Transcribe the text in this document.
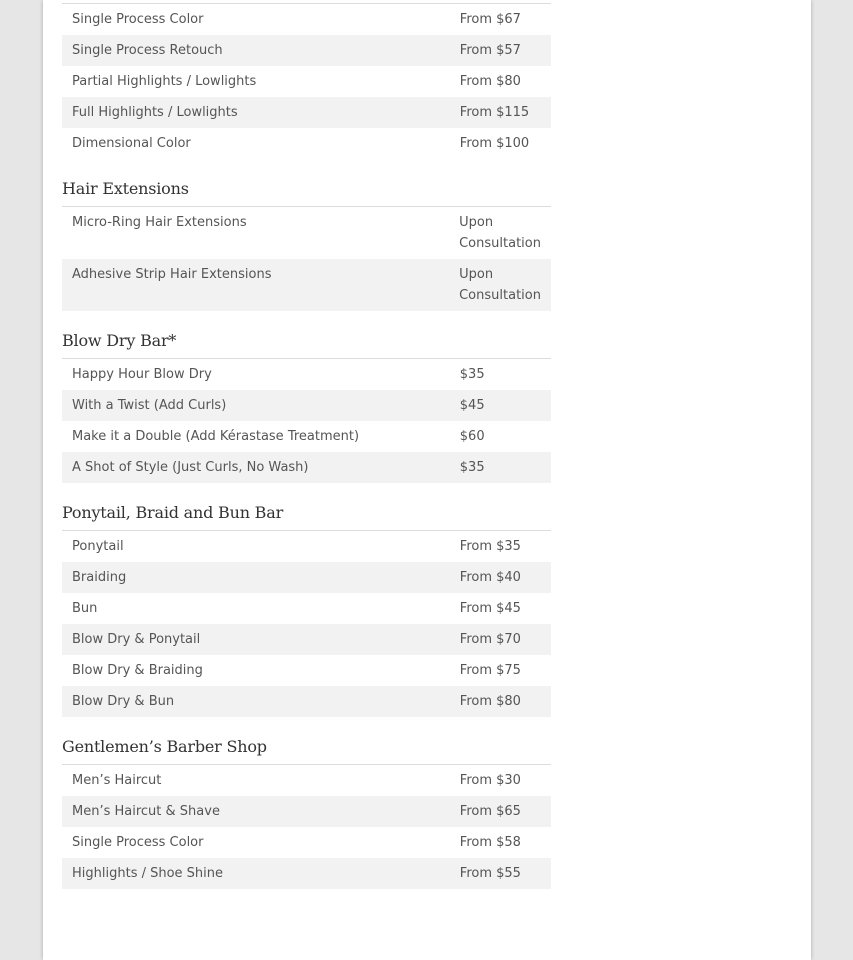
Single Process Color	From $67
Single Process Retouch	From $57
Partial Highlights / Lowlights	From $80
Full Highlights / Lowlights	From $115
Dimensional Color	From $100
Hair Extensions
Micro-Ring Hair Extensions	Upon Consultation
Adhesive Strip Hair Extensions	Upon Consultation
Blow Dry Bar*
Happy Hour Blow Dry	$35
With a Twist (Add Curls)	$45
Make it a Double (Add Kérastase Treatment)	$60
A Shot of Style (Just Curls, No Wash)	$35
Ponytail, Braid and Bun Bar
Ponytail	From $35
Braiding	From $40
Bun	From $45
Blow Dry & Ponytail	From $70
Blow Dry & Braiding	From $75
Blow Dry & Bun	From $80
Gentlemen’s Barber Shop
Men’s Haircut	From $30
Men’s Haircut & Shave	From $65
Single Process Color	From $58
Highlights / Shoe Shine	From $55
